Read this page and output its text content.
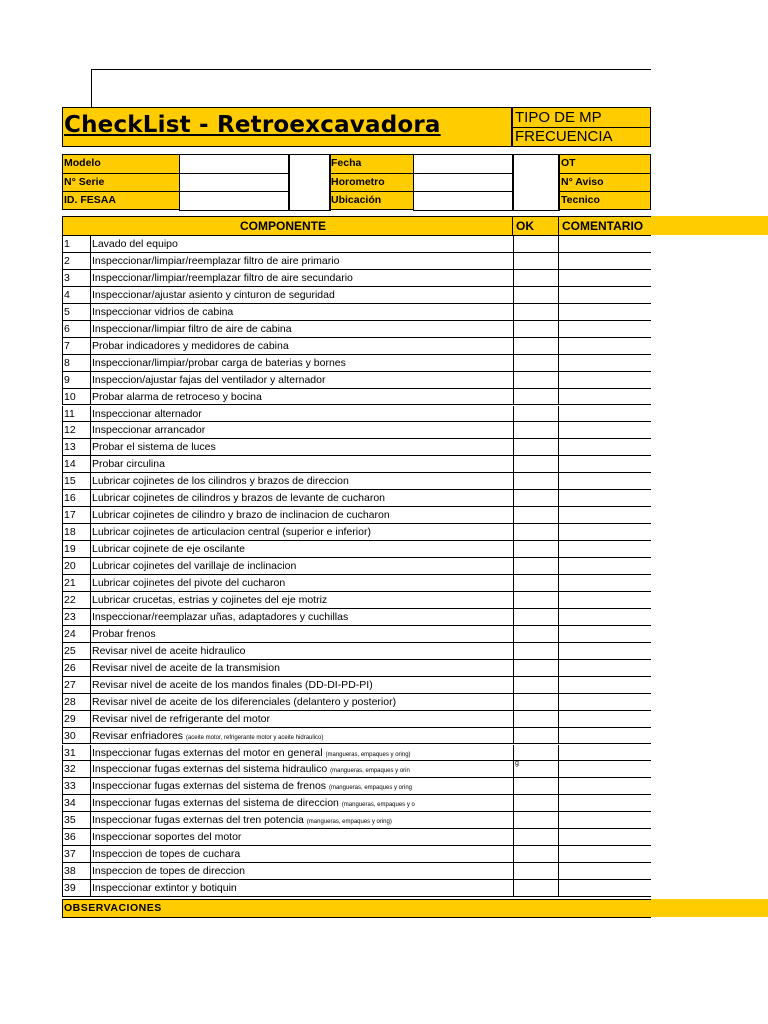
CheckList - Retroexcavadora	TIPO DE MP
FRECUENCIA
Modelo
N° Serie
ID. FESAA
Fecha
Horometro
Ubicación
OT
N° Aviso
Tecnico
COMPONENTE	OK COMENTARIO
1 Lavado del equipo
2 Inspeccionar/limpiar/reemplazar filtro de aire primario
3 Inspeccionar/limpiar/reemplazar filtro de aire secundario
4 Inspeccionar/ajustar asiento y cinturon de seguridad
5 Inspeccionar vidrios de cabina
6 Inspeccionar/limpiar filtro de aire de cabina
7 Probar indicadores y medidores de cabina
8 Inspeccionar/limpiar/probar carga de baterias y bornes
9 Inspeccion/ajustar fajas del ventilador y alternador
10 Probar alarma de retroceso y bocina
11 Inspeccionar alternador
12 Inspeccionar arrancador
13 Probar el sistema de luces
14 Probar circulina
15 Lubricar cojinetes de los cilindros y brazos de direccion
16 Lubricar cojinetes de cilindros y brazos de levante de cucharon
17 Lubricar cojinetes de cilindro y brazo de inclinacion de cucharon
18 Lubricar cojinetes de articulacion central (superior e inferior)
19 Lubricar cojinete de eje oscilante
20 Lubricar cojinetes del varillaje de inclinacion
21 Lubricar cojinetes del pivote del cucharon
22 Lubricar crucetas, estrias y cojinetes del eje motriz
23 Inspeccionar/reemplazar uñas, adaptadores y cuchillas
24 Probar frenos
25 Revisar nivel de aceite hidraulico
26 Revisar nivel de aceite de la transmision
27 Revisar nivel de aceite de los mandos finales (DD-DI-PD-PI)
28 Revisar nivel de aceite de los diferenciales (delantero y posterior)
29 Revisar nivel de refrigerante del motor
30 Revisar enfriadores (aceite motor, refrigerante motor y aceite hidraulico)
31 Inspeccionar fugas externas del motor en general (mangueras, empaques y oring)
32 Inspeccionar fugas externas del sistema hidraulico (mangueras, empaques y orin
g
33 Inspeccionar fugas externas del sistema de frenos (mangueras, empaques y oring
34 Inspeccionar fugas externas del sistema de direccion (mangueras, empaques y o
35 Inspeccionar fugas externas del tren potencia (mangueras, empaques y oring)
36 Inspeccionar soportes del motor
37 Inspeccion de topes de cuchara
38 Inspeccion de topes de direccion
39 Inspeccionar extintor y botiquin
OBSERVACIONES
